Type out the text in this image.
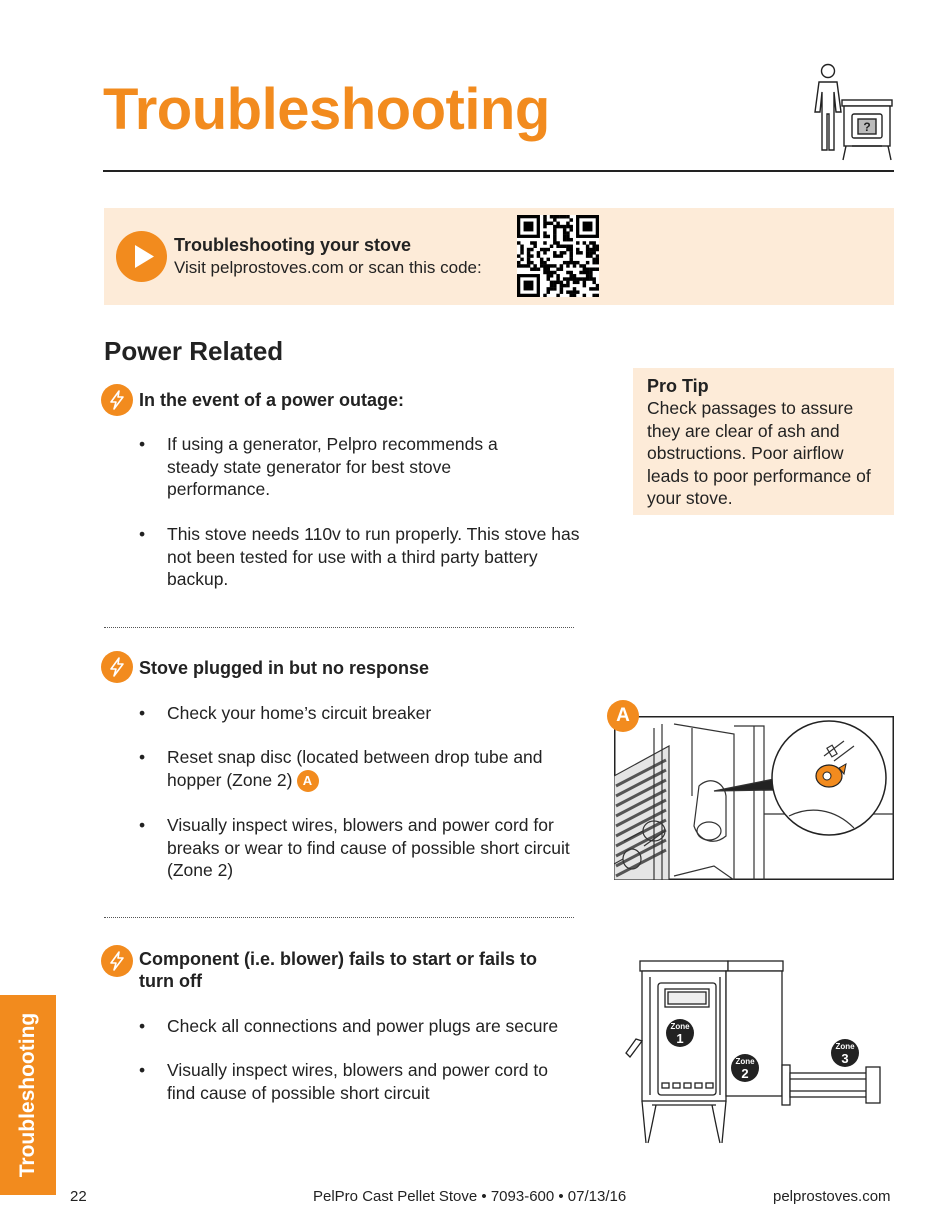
Troubleshooting	?
Troubleshooting your stove
Visit pelprostoves.com or scan this code:
Power Related
Pro Tip
Check passages to assure they are clear of ash and obstructions. Poor airflow leads to poor performance of your stove.
In the event of a power outage:
• If using a generator, Pelpro recommends a steady state generator for best stove performance.
• This stove needs 110v to run properly. This stove has not been tested for use with a third party battery backup.
Stove plugged in but no response
• Check your home’s circuit breaker
• Reset snap disc (located between drop tube and hopper (Zone 2) A
• Visually inspect wires, blowers and power cord for breaks or wear to find cause of possible short circuit (Zone 2)
Component (i.e. blower) fails to start or fails to turn off
• Check all connections and power plugs are secure
• Visually inspect wires, blowers and power cord to find cause of possible short circuit
A
Zone
1
Zone
2
Zone
3
Troubleshooting
22	PelPro Cast Pellet Stove • 7093-600 • 07/13/16	pelprostoves.com
